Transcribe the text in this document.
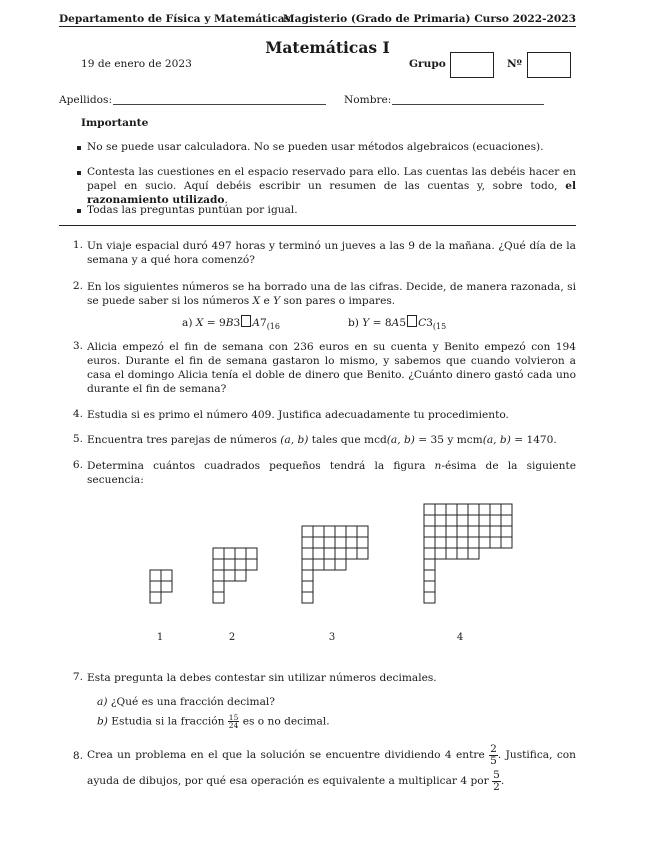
Departamento de Física y Matemáticas
Magisterio (Grado de Primaria) Curso 2022-2023
Matemáticas I
19 de enero de 2023	Grupo	Nº
Apellidos:	Nombre:
Importante
No se puede usar calculadora. No se pueden usar métodos algebraicos (ecuaciones).
Contesta las cuestiones en el espacio reservado para ello. Las cuentas las debéis hacer en papel en sucio. Aquí debéis escribir un resumen de las cuentas y, sobre todo, el razonamiento utilizado.
Todas las preguntas puntúan por igual.
1. Un viaje espacial duró 497 horas y terminó un jueves a las 9 de la mañana. ¿Qué día de la semana y a qué hora comenzó?
2. En los siguientes números se ha borrado una de las cifras. Decide, de manera razonada, si se puede saber si los números X e Y son pares o impares.
a) X = 9B3 $A7_{(16}$	b) Y = 8A5 $C3_{(15}$
3. Alicia empezó el fin de semana con 236 euros en su cuenta y Benito empezó con 194 euros. Durante el fin de semana gastaron lo mismo, y sabemos que cuando volvieron a casa el domingo Alicia tenía el doble de dinero que Benito. ¿Cuánto dinero gastó cada uno durante el fin de semana?
4. Estudia si es primo el número 409. Justifica adecuadamente tu procedimiento.
5. Encuentra tres parejas de números (a, b) tales que mcd(a, b) = 35 y mcm(a, b) = 1470.
6. Determina cuántos cuadrados pequeños tendrá la figura n-ésima de la siguiente secuencia:
1	2	3	4
7. Esta pregunta la debes contestar sin utilizar números decimales.
a) ¿Qué es una fracción decimal?
b) Estudia si la fracción $\frac{15}{24}$ es o no decimal.
8. Crea un problema en el que la solución se encuentre dividiendo 4 entre $\frac{2}{5}$ . Justifica, con ayuda de dibujos, por qué esa operación es equivalente a multiplicar 4 por $\frac{5}{2}$ .
